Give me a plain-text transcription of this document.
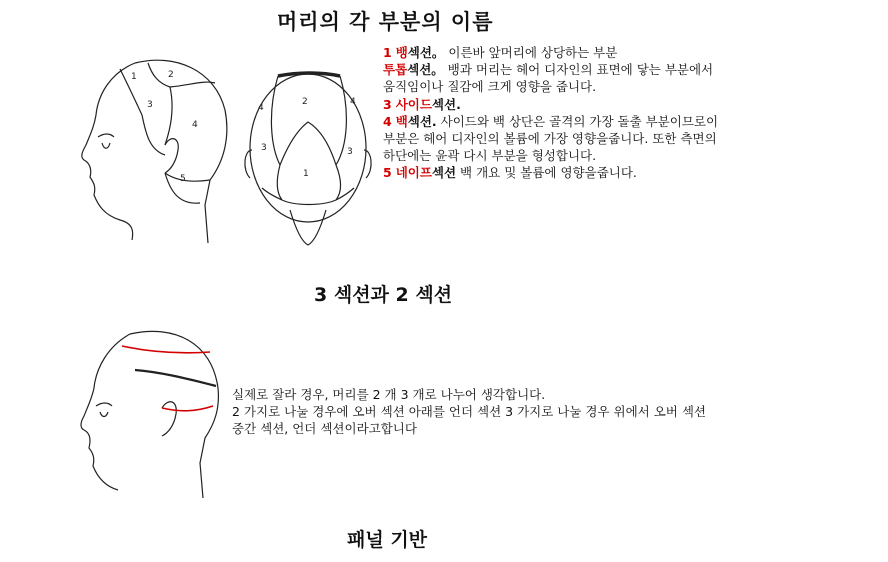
머리의 각 부분의 이름
1	2
3
4
5	1
2
3	3
4
4

1 뱅섹션。 이른바 앞머리에 상당하는 부분

투톱섹션。 뱅과 머리는 헤어 디자인의 표면에 닿는 부분에서 움직임이나 질감에 크게 영향을 줍니다.

3 사이드섹션.

4 백섹션. 사이드와 백 상단은 골격의 가장 돌출 부분이므로이 부분은 헤어 디자인의 볼륨에 가장 영향을줍니다. 또한 측면의 하단에는 윤곽 다시 부분을 형성합니다.

5 네이프섹션 백 개요 및 볼륨에 영향을줍니다.

3 섹션과 2 섹션

실제로 잘라 경우, 머리를 2 개 3 개로 나누어 생각합니다.

2 가지로 나눌 경우에 오버 섹션 아래를 언더 섹션 3 가지로 나눌 경우 위에서 오버 섹션 중간 섹션, 언더 섹션이라고합니다

패널 기반
